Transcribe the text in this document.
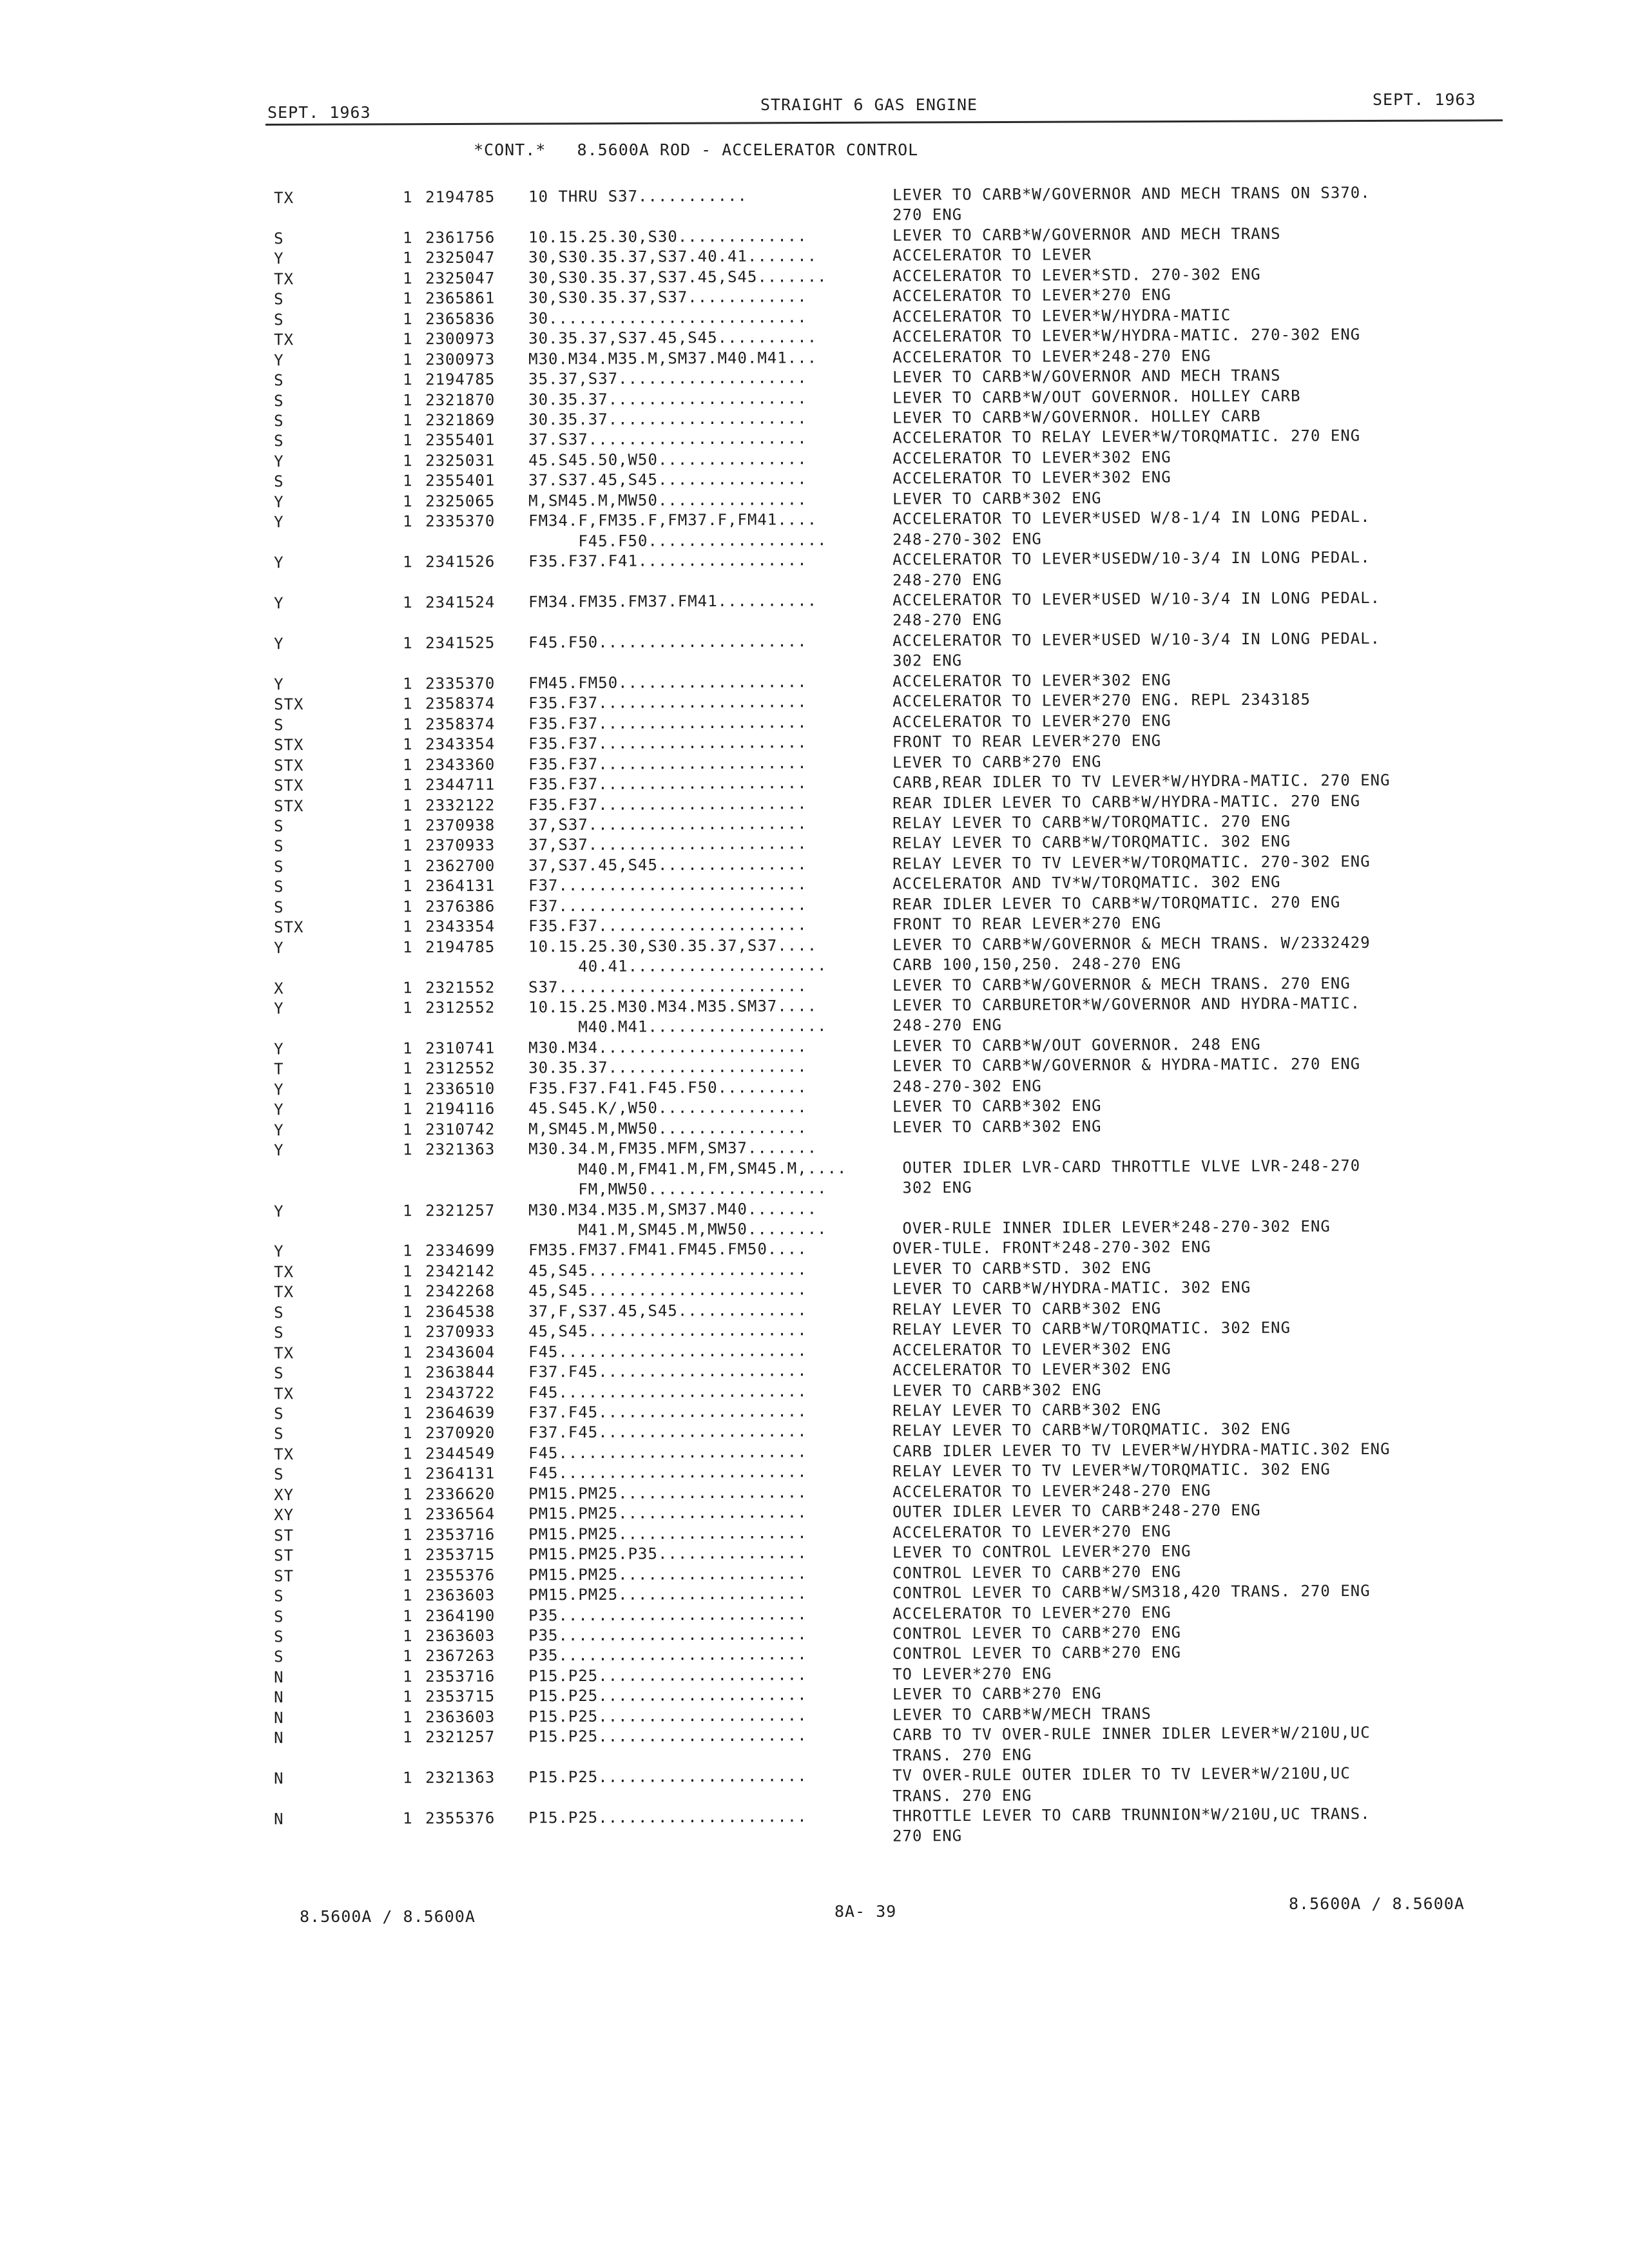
SEPT. 1963	STRAIGHT 6 GAS ENGINE	SEPT. 1963
*CONT.*   8.5600A ROD - ACCELERATOR CONTROL
TX	1 2194785 10 THRU S37...........	LEVER TO CARB*W/GOVERNOR AND MECH TRANS ON S370.
270 ENG
S	1 2361756 10.15.25.30,S30.............	LEVER TO CARB*W/GOVERNOR AND MECH TRANS
Y	1 2325047 30,S30.35.37,S37.40.41.......	ACCELERATOR TO LEVER
TX	1 2325047 30,S30.35.37,S37.45,S45.......	ACCELERATOR TO LEVER*STD. 270-302 ENG
S	1 2365861 30,S30.35.37,S37............	ACCELERATOR TO LEVER*270 ENG
S	1 2365836 30..........................	ACCELERATOR TO LEVER*W/HYDRA-MATIC
TX	1 2300973 30.35.37,S37.45,S45..........	ACCELERATOR TO LEVER*W/HYDRA-MATIC. 270-302 ENG
Y	1 2300973 M30.M34.M35.M,SM37.M40.M41...	ACCELERATOR TO LEVER*248-270 ENG
S	1 2194785 35.37,S37...................	LEVER TO CARB*W/GOVERNOR AND MECH TRANS
S	1 2321870 30.35.37....................	LEVER TO CARB*W/OUT GOVERNOR. HOLLEY CARB
S	1 2321869 30.35.37....................	LEVER TO CARB*W/GOVERNOR. HOLLEY CARB
S	1 2355401 37.S37......................	ACCELERATOR TO RELAY LEVER*W/TORQMATIC. 270 ENG
Y	1 2325031 45.S45.50,W50...............	ACCELERATOR TO LEVER*302 ENG
S	1 2355401 37.S37.45,S45...............	ACCELERATOR TO LEVER*302 ENG
Y	1 2325065 M,SM45.M,MW50...............	LEVER TO CARB*302 ENG
Y	1 2335370 FM34.F,FM35.F,FM37.F,FM41....	ACCELERATOR TO LEVER*USED W/8-1/4 IN LONG PEDAL.
F45.F50..................	248-270-302 ENG
Y	1 2341526 F35.F37.F41.................	ACCELERATOR TO LEVER*USEDW/10-3/4 IN LONG PEDAL.
248-270 ENG
Y	1 2341524 FM34.FM35.FM37.FM41..........	ACCELERATOR TO LEVER*USED W/10-3/4 IN LONG PEDAL.
248-270 ENG
Y	1 2341525 F45.F50.....................	ACCELERATOR TO LEVER*USED W/10-3/4 IN LONG PEDAL.
302 ENG
Y	1 2335370 FM45.FM50...................	ACCELERATOR TO LEVER*302 ENG
STX	1 2358374 F35.F37.....................	ACCELERATOR TO LEVER*270 ENG. REPL 2343185
S	1 2358374 F35.F37.....................	ACCELERATOR TO LEVER*270 ENG
STX	1 2343354 F35.F37.....................	FRONT TO REAR LEVER*270 ENG
STX	1 2343360 F35.F37.....................	LEVER TO CARB*270 ENG
STX	1 2344711 F35.F37.....................	CARB,REAR IDLER TO TV LEVER*W/HYDRA-MATIC. 270 ENG
STX	1 2332122 F35.F37.....................	REAR IDLER LEVER TO CARB*W/HYDRA-MATIC. 270 ENG
S	1 2370938 37,S37......................	RELAY LEVER TO CARB*W/TORQMATIC. 270 ENG
S	1 2370933 37,S37......................	RELAY LEVER TO CARB*W/TORQMATIC. 302 ENG
S	1 2362700 37,S37.45,S45...............	RELAY LEVER TO TV LEVER*W/TORQMATIC. 270-302 ENG
S	1 2364131 F37.........................	ACCELERATOR AND TV*W/TORQMATIC. 302 ENG
S	1 2376386 F37.........................	REAR IDLER LEVER TO CARB*W/TORQMATIC. 270 ENG
STX	1 2343354 F35.F37.....................	FRONT TO REAR LEVER*270 ENG
Y	1 2194785 10.15.25.30,S30.35.37,S37....	LEVER TO CARB*W/GOVERNOR & MECH TRANS. W/2332429
40.41....................	CARB 100,150,250. 248-270 ENG
X	1 2321552 S37.........................	LEVER TO CARB*W/GOVERNOR & MECH TRANS. 270 ENG
Y	1 2312552 10.15.25.M30.M34.M35.SM37....	LEVER TO CARBURETOR*W/GOVERNOR AND HYDRA-MATIC.
M40.M41..................	248-270 ENG
Y	1 2310741 M30.M34.....................	LEVER TO CARB*W/OUT GOVERNOR. 248 ENG
T	1 2312552 30.35.37....................	LEVER TO CARB*W/GOVERNOR & HYDRA-MATIC. 270 ENG
Y	1 2336510 F35.F37.F41.F45.F50.........	248-270-302 ENG
Y	1 2194116 45.S45.K/,W50...............	LEVER TO CARB*302 ENG
Y	1 2310742 M,SM45.M,MW50...............	LEVER TO CARB*302 ENG
Y	1 2321363 M30.34.M,FM35.MFM,SM37.......
M40.M,FM41.M,FM,SM45.M,....	OUTER IDLER LVR-CARD THROTTLE VLVE LVR-248-270
FM,MW50..................	302 ENG
Y	1 2321257 M30.M34.M35.M,SM37.M40.......
M41.M,SM45.M,MW50........	OVER-RULE INNER IDLER LEVER*248-270-302 ENG
Y	1 2334699 FM35.FM37.FM41.FM45.FM50....	OVER-TULE. FRONT*248-270-302 ENG
TX	1 2342142 45,S45......................	LEVER TO CARB*STD. 302 ENG
TX	1 2342268 45,S45......................	LEVER TO CARB*W/HYDRA-MATIC. 302 ENG
S	1 2364538 37,F,S37.45,S45.............	RELAY LEVER TO CARB*302 ENG
S	1 2370933 45,S45......................	RELAY LEVER TO CARB*W/TORQMATIC. 302 ENG
TX	1 2343604 F45.........................	ACCELERATOR TO LEVER*302 ENG
S	1 2363844 F37.F45.....................	ACCELERATOR TO LEVER*302 ENG
TX	1 2343722 F45.........................	LEVER TO CARB*302 ENG
S	1 2364639 F37.F45.....................	RELAY LEVER TO CARB*302 ENG
S	1 2370920 F37.F45.....................	RELAY LEVER TO CARB*W/TORQMATIC. 302 ENG
TX	1 2344549 F45.........................	CARB IDLER LEVER TO TV LEVER*W/HYDRA-MATIC.302 ENG
S	1 2364131 F45.........................	RELAY LEVER TO TV LEVER*W/TORQMATIC. 302 ENG
XY	1 2336620 PM15.PM25...................	ACCELERATOR TO LEVER*248-270 ENG
XY	1 2336564 PM15.PM25...................	OUTER IDLER LEVER TO CARB*248-270 ENG
ST	1 2353716 PM15.PM25...................	ACCELERATOR TO LEVER*270 ENG
ST	1 2353715 PM15.PM25.P35...............	LEVER TO CONTROL LEVER*270 ENG
ST	1 2355376 PM15.PM25...................	CONTROL LEVER TO CARB*270 ENG
S	1 2363603 PM15.PM25...................	CONTROL LEVER TO CARB*W/SM318,420 TRANS. 270 ENG
S	1 2364190 P35.........................	ACCELERATOR TO LEVER*270 ENG
S	1 2363603 P35.........................	CONTROL LEVER TO CARB*270 ENG
S	1 2367263 P35.........................	CONTROL LEVER TO CARB*270 ENG
N	1 2353716 P15.P25.....................	TO LEVER*270 ENG
N	1 2353715 P15.P25.....................	LEVER TO CARB*270 ENG
N	1 2363603 P15.P25.....................	LEVER TO CARB*W/MECH TRANS
N	1 2321257 P15.P25.....................	CARB TO TV OVER-RULE INNER IDLER LEVER*W/210U,UC
TRANS. 270 ENG
N	1 2321363 P15.P25.....................	TV OVER-RULE OUTER IDLER TO TV LEVER*W/210U,UC
TRANS. 270 ENG
N	1 2355376 P15.P25.....................	THROTTLE LEVER TO CARB TRUNNION*W/210U,UC TRANS.
270 ENG
8.5600A / 8.5600A	8A- 39	8.5600A / 8.5600A
